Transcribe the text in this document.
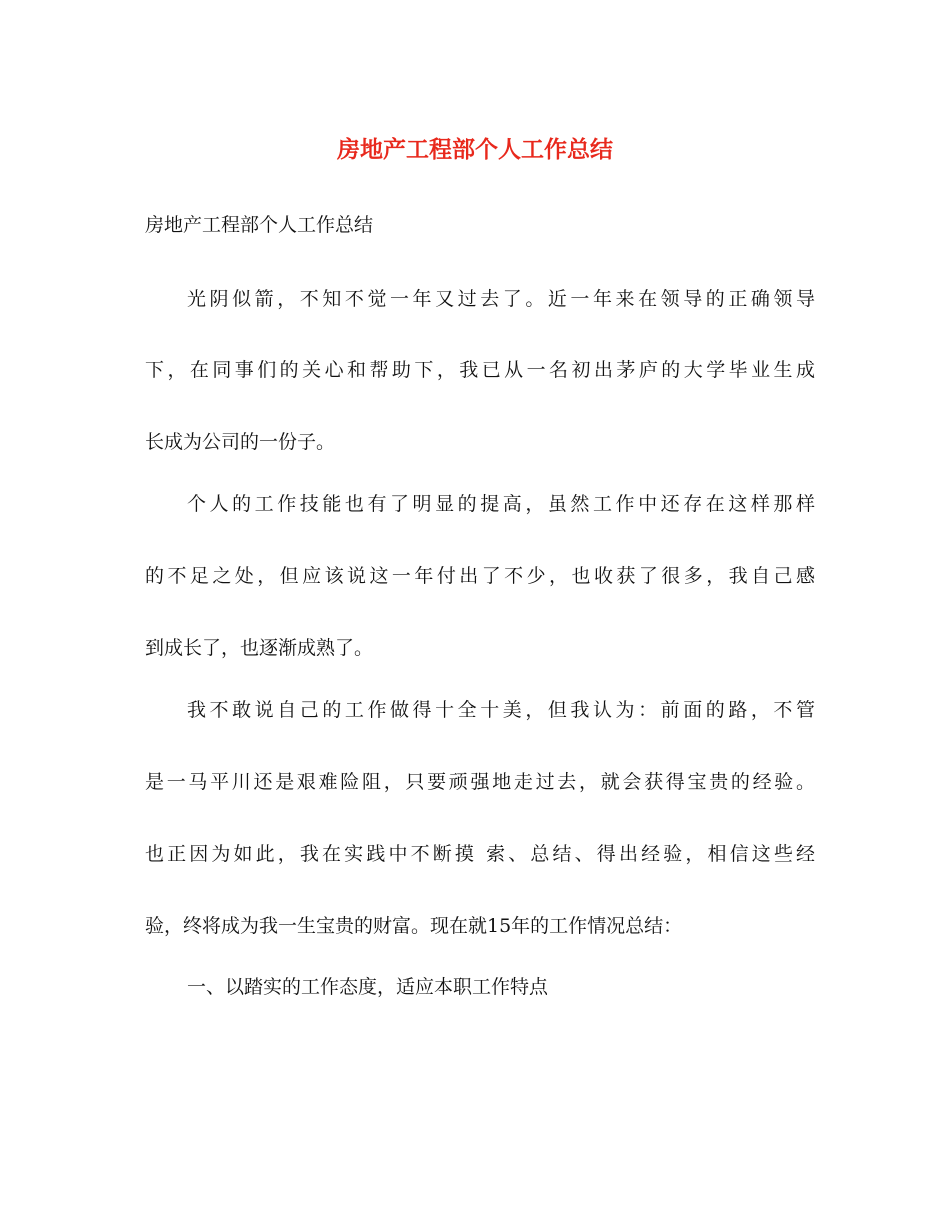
房地产工程部个人工作总结

房地产工程部个人工作总结

光阴似箭，不知不觉一年又过去了。近一年来在领导的正确领导

下，在同事们的关心和帮助下，我已从一名初出茅庐的大学毕业生成

长成为公司的一份子。

个人的工作技能也有了明显的提高，虽然工作中还存在这样那样

的不足之处，但应该说这一年付出了不少，也收获了很多，我自己感

到成长了，也逐渐成熟了。

我不敢说自己的工作做得十全十美，但我认为：前面的路，不管

是一马平川还是艰难险阻，只要顽强地走过去，就会获得宝贵的经验。

也正因为如此，我在实践中不断摸 索、总结、得出经验，相信这些经

验，终将成为我一生宝贵的财富。现在就15年的工作情况总结：

一、以踏实的工作态度，适应本职工作特点
